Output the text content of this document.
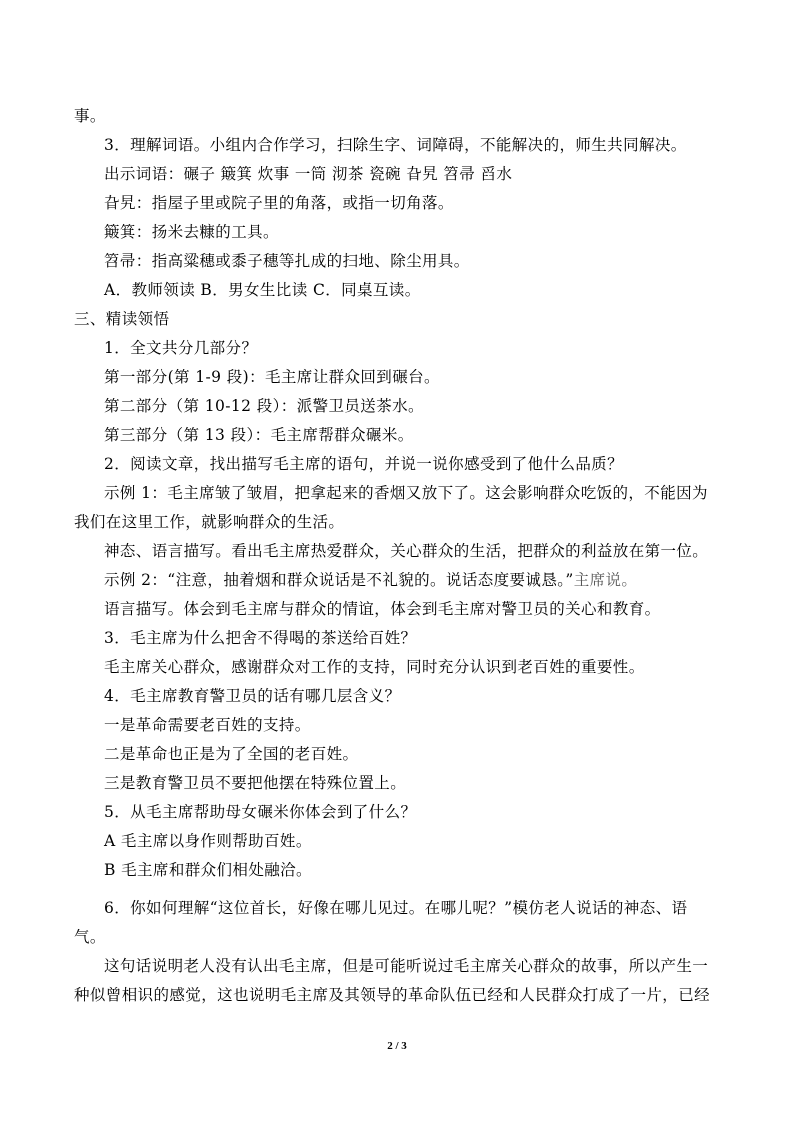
事。
3．理解词语。小组内合作学习，扫除生字、词障碍，不能解决的，师生共同解决。
出示词语：碾子 簸箕 炊事 一筒 沏茶 瓷碗 旮旯 笤帚 舀水
旮旯：指屋子里或院子里的角落，或指一切角落。
簸箕：扬米去糠的工具。
笤帚：指高粱穗或黍子穗等扎成的扫地、除尘用具。
A．教师领读 B．男女生比读 C．同桌互读。
三、精读领悟
1．全文共分几部分？
第一部分(第 1-9 段)：毛主席让群众回到碾台。
第二部分（第 10-12 段）：派警卫员送茶水。
第三部分（第 13 段）：毛主席帮群众碾米。
2．阅读文章，找出描写毛主席的语句，并说一说你感受到了他什么品质？
示例 1：毛主席皱了皱眉，把拿起来的香烟又放下了。这会影响群众吃饭的，不能因为
我们在这里工作，就影响群众的生活。
神态、语言描写。看出毛主席热爱群众，关心群众的生活，把群众的利益放在第一位。
示例 2：“注意，抽着烟和群众说话是不礼貌的。说话态度要诚恳。”主席说。
语言描写。体会到毛主席与群众的情谊，体会到毛主席对警卫员的关心和教育。
3．毛主席为什么把舍不得喝的茶送给百姓？
毛主席关心群众，感谢群众对工作的支持，同时充分认识到老百姓的重要性。
4．毛主席教育警卫员的话有哪几层含义？
一是革命需要老百姓的支持。
二是革命也正是为了全国的老百姓。
三是教育警卫员不要把他摆在特殊位置上。
5．从毛主席帮助母女碾米你体会到了什么？
A 毛主席以身作则帮助百姓。
B 毛主席和群众们相处融洽。
6．你如何理解“这位首长，好像在哪儿见过。在哪儿呢？”模仿老人说话的神态、语
气。
这句话说明老人没有认出毛主席，但是可能听说过毛主席关心群众的故事，所以产生一
种似曾相识的感觉，这也说明毛主席及其领导的革命队伍已经和人民群众打成了一片，已经
2 / 3
